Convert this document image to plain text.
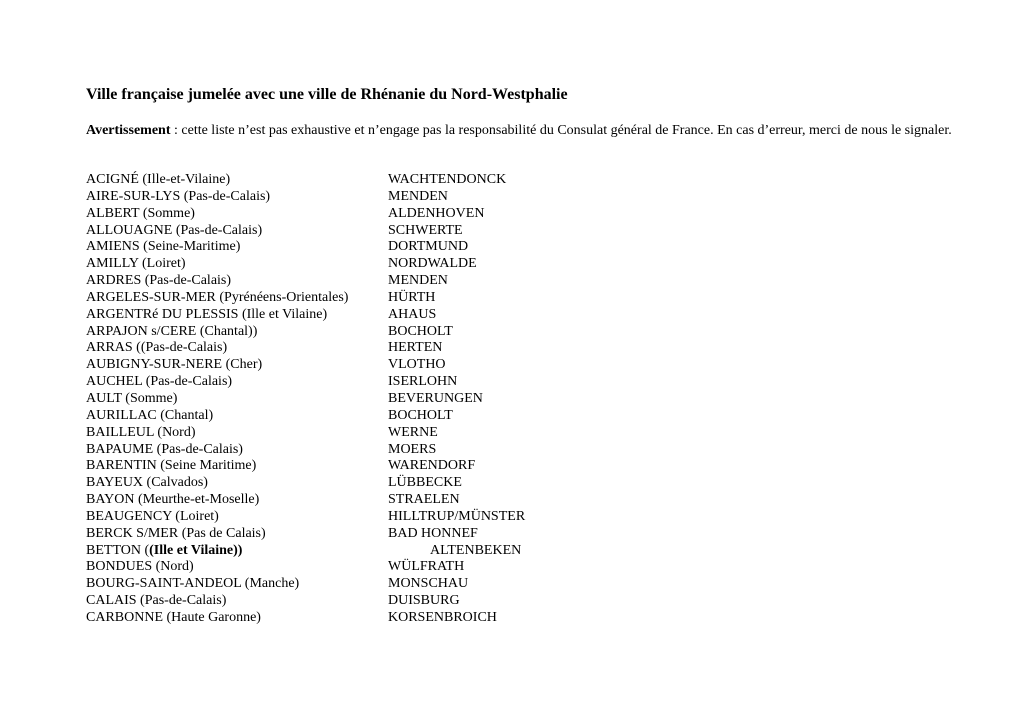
Ville française jumelée avec une ville de Rhénanie du Nord-Westphalie
Avertissement : cette liste n’est pas exhaustive et n’engage pas la responsabilité du Consulat général de France. En cas d’erreur, merci de nous le signaler.
ACIGNÉ (Ille-et-Vilaine)	WACHTENDONCK
AIRE-SUR-LYS (Pas-de-Calais)	MENDEN
ALBERT (Somme)	ALDENHOVEN
ALLOUAGNE (Pas-de-Calais)	SCHWERTE
AMIENS (Seine-Maritime)	DORTMUND
AMILLY (Loiret)	NORDWALDE
ARDRES (Pas-de-Calais)	MENDEN
ARGELES-SUR-MER (Pyrénéens-Orientales)	HÜRTH
ARGENTRé DU PLESSIS (Ille et Vilaine)	AHAUS
ARPAJON s/CERE (Chantal))	BOCHOLT
ARRAS ((Pas-de-Calais)	HERTEN
AUBIGNY-SUR-NERE (Cher)	VLOTHO
AUCHEL (Pas-de-Calais)	ISERLOHN
AULT (Somme)	BEVERUNGEN
AURILLAC (Chantal)	BOCHOLT
BAILLEUL (Nord)	WERNE
BAPAUME (Pas-de-Calais)	MOERS
BARENTIN (Seine Maritime)	WARENDORF
BAYEUX (Calvados)	LÜBBECKE
BAYON (Meurthe-et-Moselle)	STRAELEN
BEAUGENCY (Loiret)	HILLTRUP/MÜNSTER
BERCK S/MER (Pas de Calais)	BAD HONNEF
BETTON ((Ille et Vilaine))	ALTENBEKEN
BONDUES (Nord)	WÜLFRATH
BOURG-SAINT-ANDEOL (Manche)	MONSCHAU
CALAIS (Pas-de-Calais)	DUISBURG
CARBONNE (Haute Garonne)	KORSENBROICH
